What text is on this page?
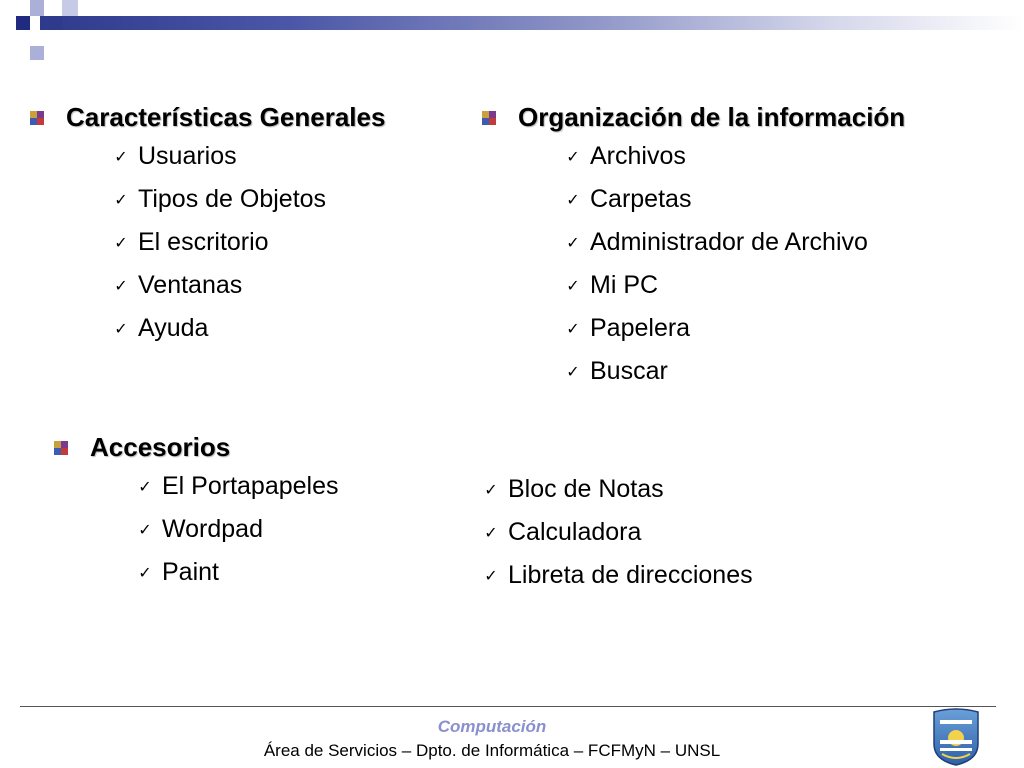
Características Generales
✓ Usuarios
✓ Tipos de Objetos
✓ El escritorio
✓ Ventanas
✓ Ayuda
Organización de la información
✓ Archivos
✓ Carpetas
✓ Administrador de Archivo
✓ Mi PC
✓ Papelera
✓ Buscar
Accesorios
✓ El Portapapeles
✓ Wordpad
✓ Paint
✓ Bloc de Notas
✓ Calculadora
✓ Libreta de direcciones
Computación
Área de Servicios – Dpto. de Informática – FCFMyN – UNSL
